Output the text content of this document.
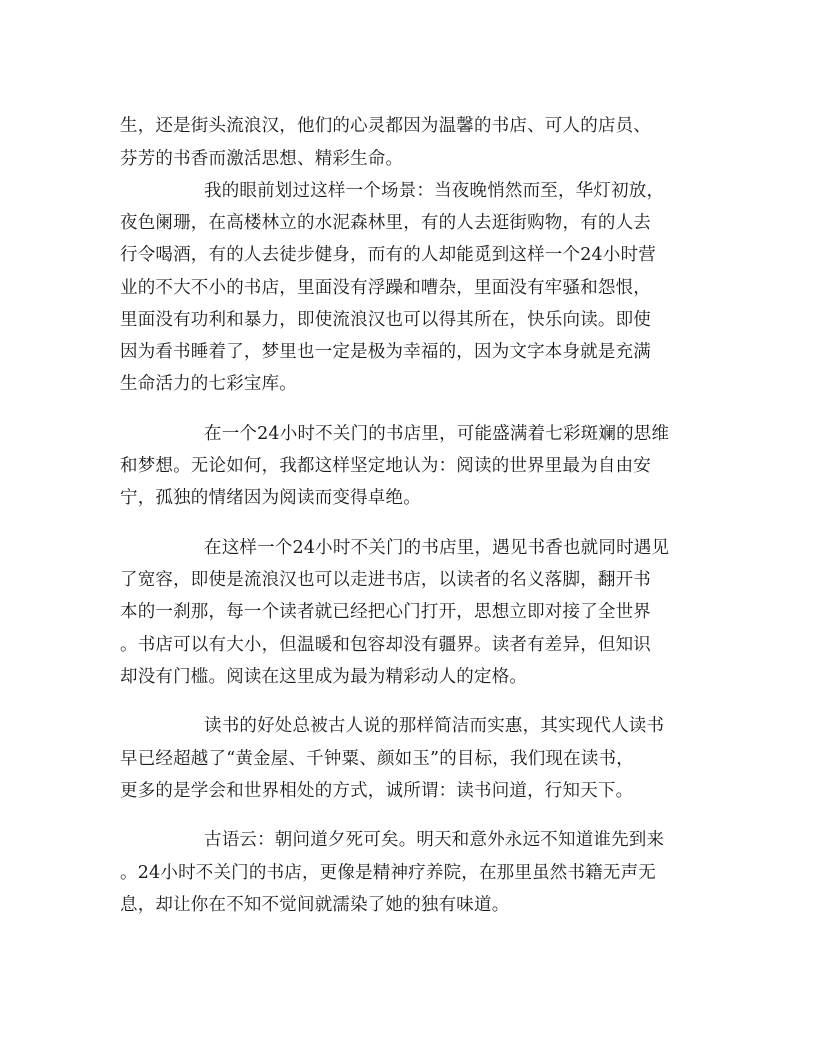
生，还是街头流浪汉，他们的心灵都因为温馨的书店、可人的店员、
芬芳的书香而激活思想、精彩生命。
我的眼前划过这样一个场景：当夜晚悄然而至，华灯初放，
夜色阑珊，在高楼林立的水泥森林里，有的人去逛街购物，有的人去
行令喝酒，有的人去徒步健身，而有的人却能觅到这样一个24小时营
业的不大不小的书店，里面没有浮躁和嘈杂，里面没有牢骚和怨恨，
里面没有功利和暴力，即使流浪汉也可以得其所在，快乐向读。即使
因为看书睡着了，梦里也一定是极为幸福的，因为文字本身就是充满
生命活力的七彩宝库。
在一个24小时不关门的书店里，可能盛满着七彩斑斓的思维
和梦想。无论如何，我都这样坚定地认为：阅读的世界里最为自由安
宁，孤独的情绪因为阅读而变得卓绝。
在这样一个24小时不关门的书店里，遇见书香也就同时遇见
了宽容，即使是流浪汉也可以走进书店，以读者的名义落脚，翻开书
本的一刹那，每一个读者就已经把心门打开，思想立即对接了全世界
。书店可以有大小，但温暖和包容却没有疆界。读者有差异，但知识
却没有门槛。阅读在这里成为最为精彩动人的定格。
读书的好处总被古人说的那样简洁而实惠，其实现代人读书
早已经超越了“黄金屋、千钟粟、颜如玉”的目标，我们现在读书，
更多的是学会和世界相处的方式，诚所谓：读书问道，行知天下。
古语云：朝问道夕死可矣。明天和意外永远不知道谁先到来
。24小时不关门的书店，更像是精神疗养院，在那里虽然书籍无声无
息，却让你在不知不觉间就濡染了她的独有味道。
